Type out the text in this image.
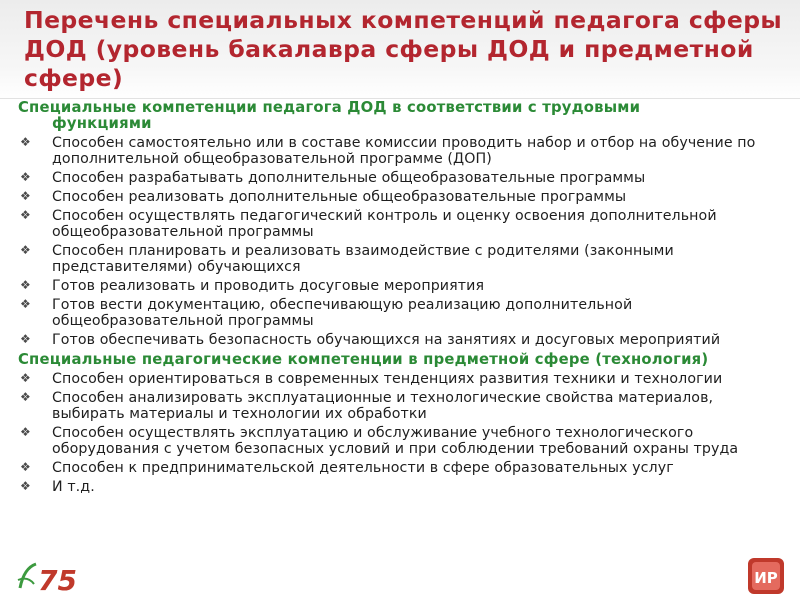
Перечень специальных компетенций педагога сферы ДОД (уровень бакалавра сферы ДОД и предметной сфере)
Специальные компетенции педагога ДОД в соответствии с трудовыми
функциями
❖ Способен самостоятельно или в составе комиссии проводить набор и отбор на обучение по дополнительной общеобразовательной программе (ДОП)
❖ Способен разрабатывать дополнительные общеобразовательные программы
❖ Способен реализовать дополнительные общеобразовательные программы
❖ Способен осуществлять педагогический контроль и оценку освоения дополнительной общеобразовательной программы
❖ Способен планировать и реализовать взаимодействие с родителями (законными представителями) обучающихся
❖ Готов реализовать и проводить досуговые мероприятия
❖ Готов вести документацию, обеспечивающую реализацию дополнительной общеобразовательной программы
❖ Готов обеспечивать безопасность обучающихся на занятиях и досуговых мероприятий
Специальные педагогические компетенции в предметной сфере (технология)
❖ Способен ориентироваться в современных тенденциях развития техники и технологии
❖ Способен анализировать эксплуатационные и технологические свойства материалов, выбирать материалы и технологии их обработки
❖ Способен осуществлять эксплуатацию и обслуживание учебного технологического оборудования с учетом безопасных условий и при соблюдении требований охраны труда
❖ Способен к предпринимательской деятельности в сфере образовательных услуг
❖ И т.д.
75	ИР
